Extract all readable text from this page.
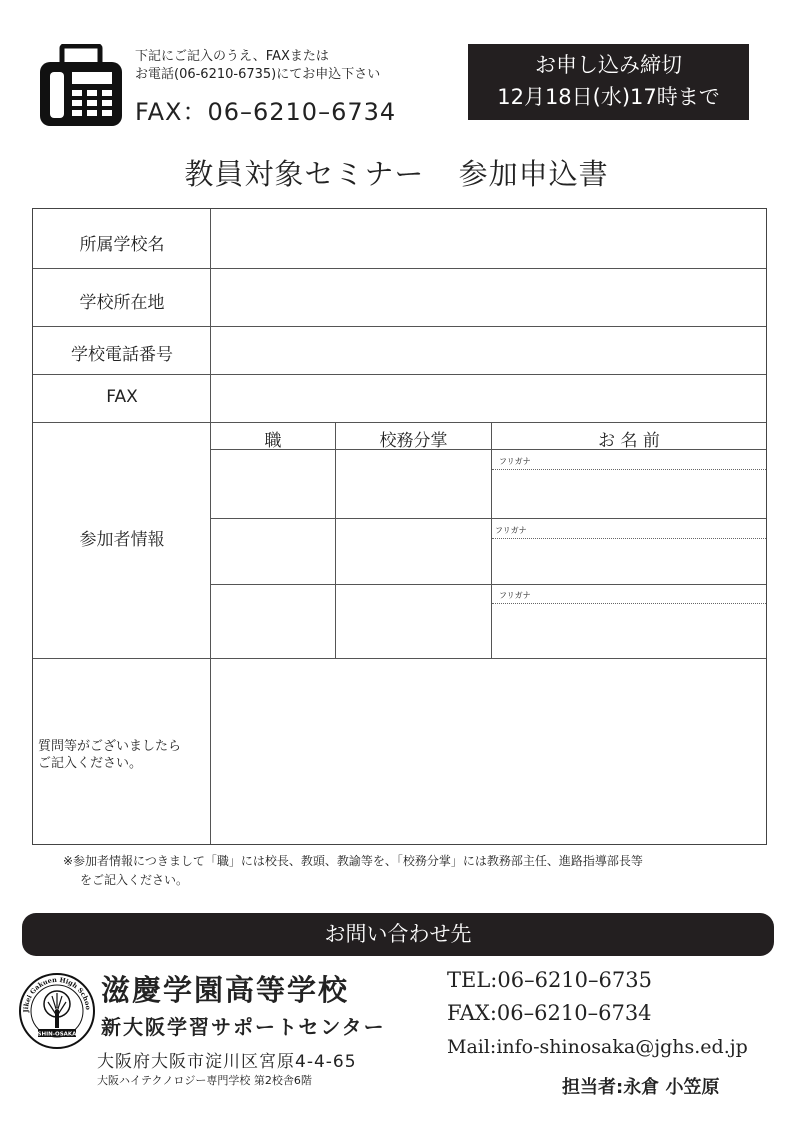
下記にご記入のうえ、FAXまたは
お電話(06-6210-6735)にてお申込下さい
FAX：06–6210–6734
お申し込み締切
12月18日(水)17時まで
教員対象セミナー 参加申込書
所属学校名
学校所在地
学校電話番号
FAX
参加者情報
職	校務分掌	お 名 前
フリガナ
フリガナ
フリガナ
質問等がございましたら
ご記入ください。
※参加者情報につきまして「職」には校長、教頭、教諭等を、「校務分掌」には教務部主任、進路指導部長等
をご記入ください。
お問い合わせ先
Jikei Gakuen High Schoo
SHIN-OSAKA
滋慶学園高等学校
新大阪学習サポートセンター
大阪府大阪市淀川区宮原4-4-65
大阪ハイテクノロジー専門学校 第2校舎6階
TEL:06–6210–6735
FAX:06–6210–6734
Mail:info-shinosaka@jghs.ed.jp
担当者:永倉 小笠原
